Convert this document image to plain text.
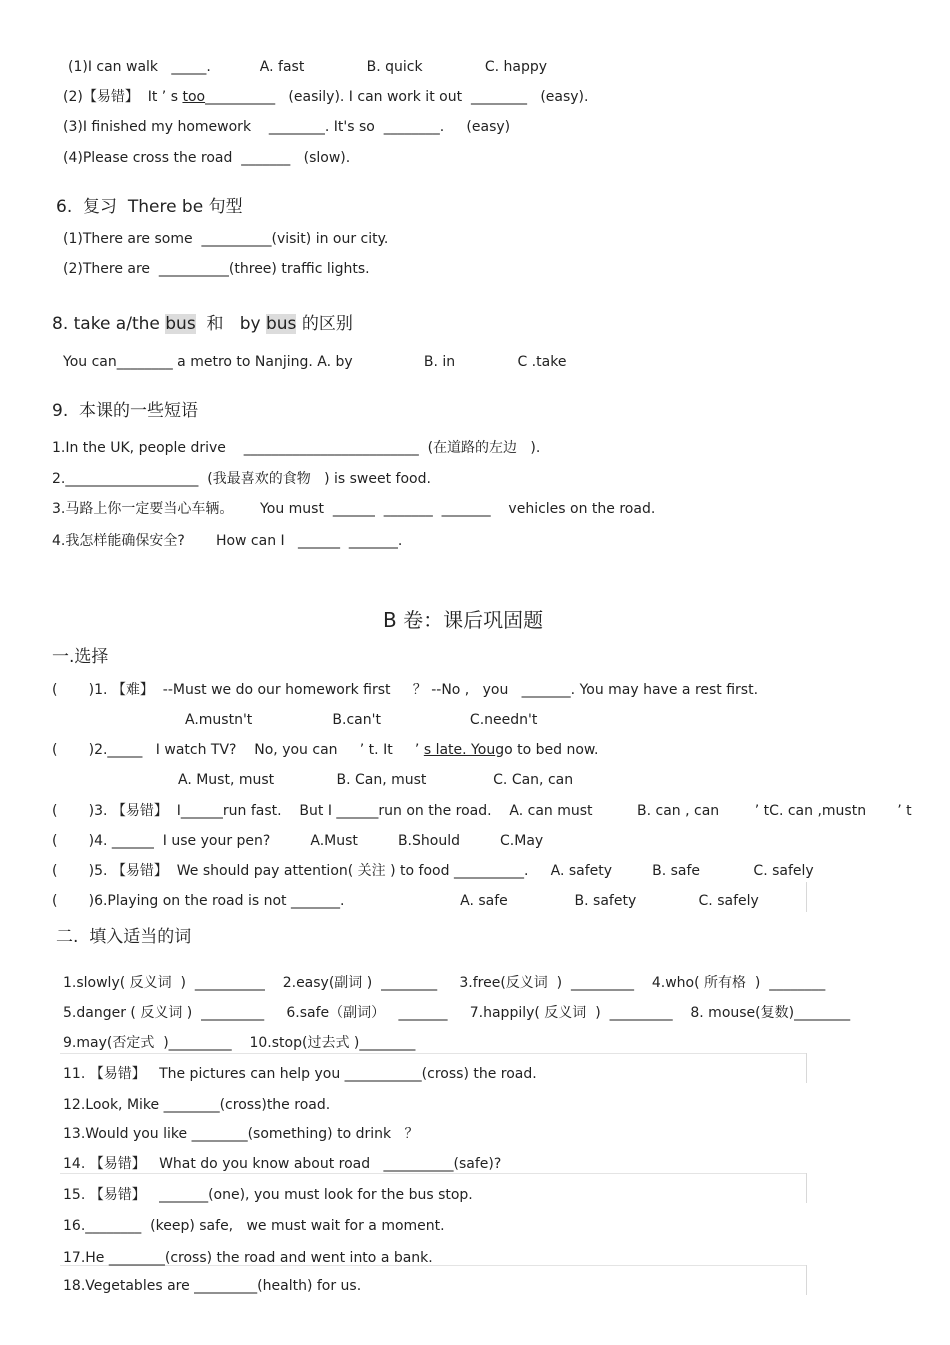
(1)I can walk   _____.           A. fast              B. quick              C. happy
(2)【易错】  It ’ s too__________   (easily). I can work it out  ________   (easy).
(3)I finished my homework    ________. It's so  ________.     (easy)
(4)Please cross the road  _______   (slow).
6.  复习  There be 句型
(1)There are some  __________(visit) in our city.
(2)There are  __________(three) traffic lights.
8. take a/the bus  和   by bus 的区别
You can________ a metro to Nanjing. A. by                B. in              C .take
9.  本课的一些短语
1.In the UK, people drive    _________________________  (在道路的左边   ).
2.___________________  (我最喜欢的食物   ) is sweet food.
3.马路上你一定要当心车辆。      You must  ______  _______  _______    vehicles on the road.
4.我怎样能确保安全?       How can I   ______  _______.
B 卷：课后巩固题
一.选择
(       )1. 【难】  --Must we do our homework first     ？ --No ,   you   _______. You may have a rest first.
A.mustn't                  B.can't                    C.needn't
(       )2._____   I watch TV?    No, you can     ’ t. It     ’ s late. Yougo to bed now.
A. Must, must              B. Can, must               C. Can, can
(       )3. 【易错】  I______run fast.    But I ______run on the road.    A. can must          B. can , can        ’ tC. can ,mustn       ’ t
(       )4. ______  I use your pen?         A.Must         B.Should         C.May
(       )5. 【易错】  We should pay attention( 关注 ) to food __________.     A. safety         B. safe            C. safely
(       )6.Playing on the road is not _______.                          A. safe               B. safety              C. safely
二.  填入适当的词
1.slowly( 反义词  )  __________    2.easy(副词 )  ________     3.free(反义词  )  _________    4.who( 所有格  )  ________
5.danger ( 反义词 )  _________     6.safe（副词）   _______     7.happily( 反义词  )  _________    8. mouse(复数)________
9.may(否定式  )_________    10.stop(过去式 )________
11. 【易错】   The pictures can help you ___________(cross) the road.
12.Look, Mike ________(cross)the road.
13.Would you like ________(something) to drink   ？
14. 【易错】   What do you know about road   __________(safe)?
15. 【易错】   _______(one), you must look for the bus stop.
16.________  (keep) safe,   we must wait for a moment.
17.He ________(cross) the road and went into a bank.
18.Vegetables are _________(health) for us.
